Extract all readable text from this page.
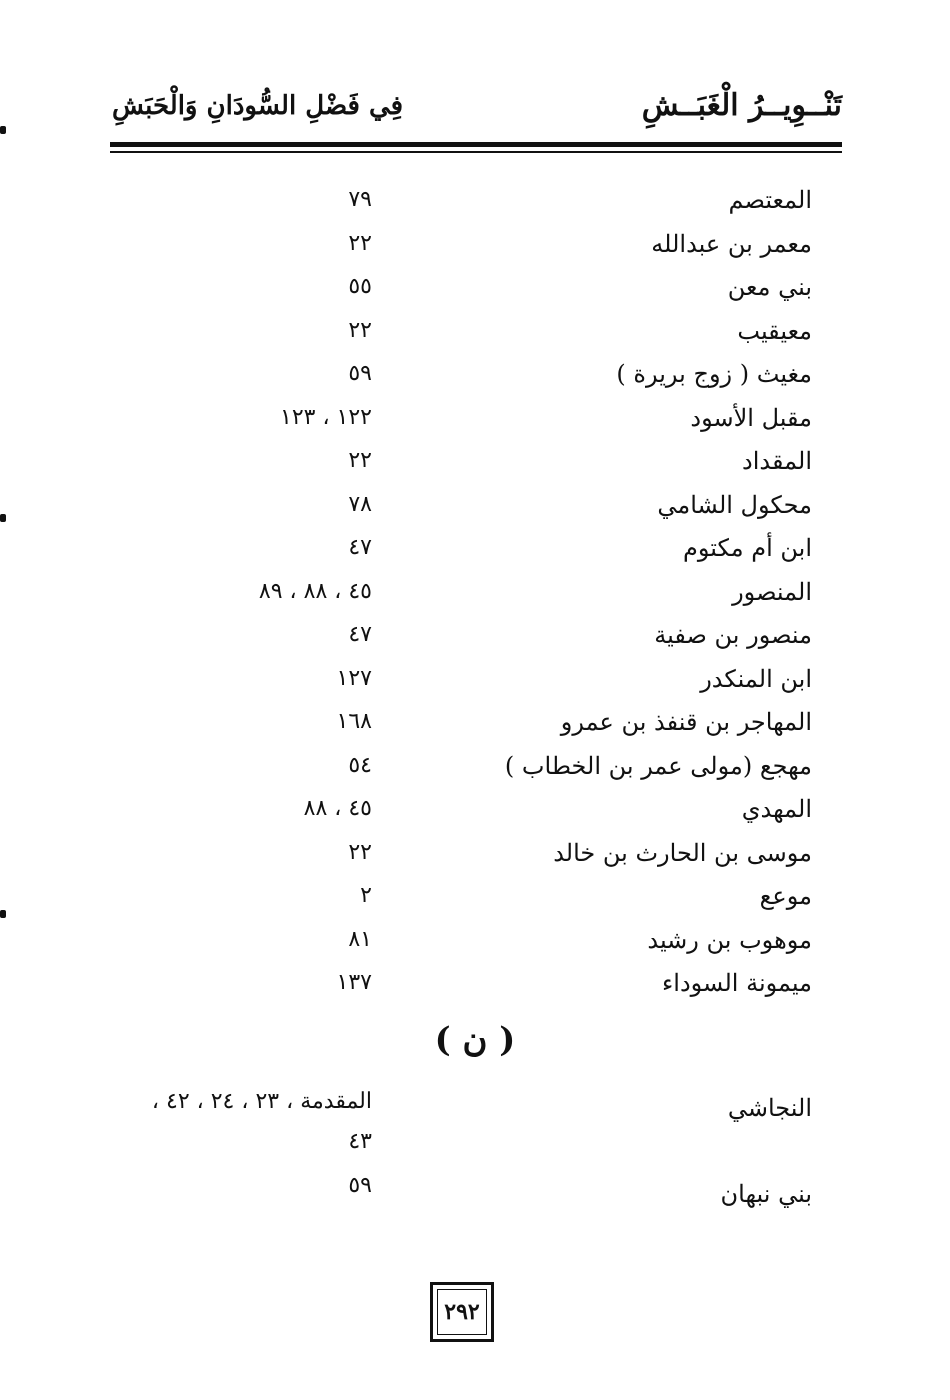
تَنْــوِيــرُ الْغَبَــشِ
فِي فَضْلِ السُّودَانِ وَالْحَبَشِ
المعتصم
٧٩
معمر بن عبدالله
٢٢
بني معن
٥٥
معيقيب
٢٢
مغيث ( زوج بريرة )
٥٩
مقبل الأسود
١٢٢ ، ١٢٣
المقداد
٢٢
محكول الشامي
٧٨
ابن أم مكتوم
٤٧
المنصور
٤٥ ، ٨٨ ، ٨٩
منصور بن صفية
٤٧
ابن المنكدر
١٢٧
المهاجر بن قنفذ بن عمرو
١٦٨
مهجع (مولى عمر بن الخطاب )
٥٤
المهدي
٤٥ ، ٨٨
موسى بن الحارث بن خالد
٢٢
موعع
٢
موهوب بن رشيد
٨١
ميمونة السوداء
١٣٧
( ن )
النجاشي
المقدمة ، ٢٣ ، ٢٤ ، ٤٢ ،
٤٣
بني نبهان
٥٩
٢٩٢
